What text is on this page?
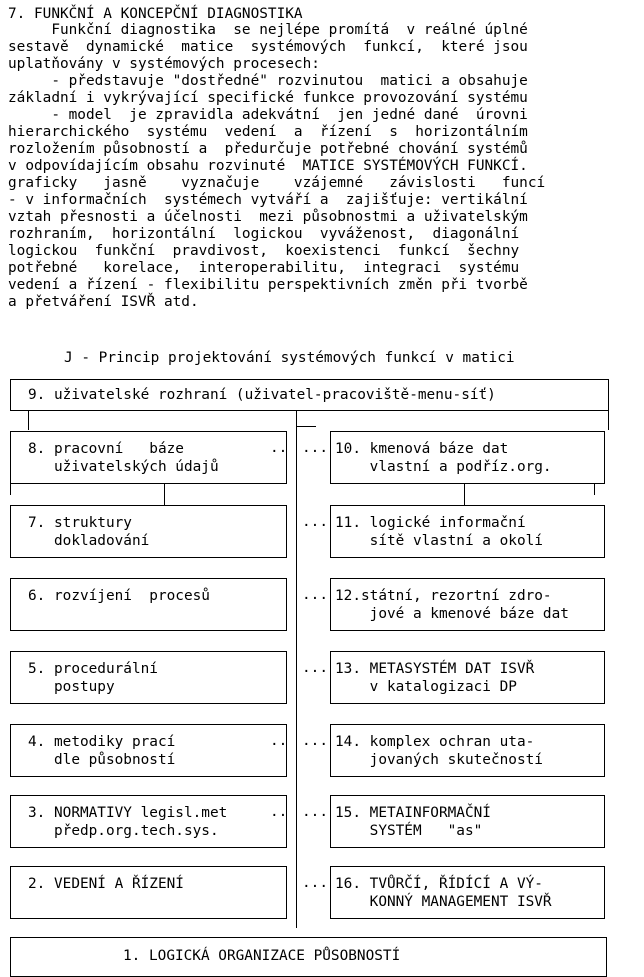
7. FUNKČNÍ A KONCEPČNÍ DIAGNOSTIKA
Funkční diagnostika  se nejlépe promítá  v reálné úplné
sestavě  dynamické  matice  systémových  funkcí,  které jsou
uplatňovány v systémových procesech:
- představuje "dostředné" rozvinutou  matici a obsahuje
základní i vykrývající specifické funkce provozování systému
- model  je zpravidla adekvátní  jen jedné dané  úrovni
hierarchického  systému  vedení  a  řízení  s  horizontálním
rozložením působností a  předurčuje potřebné chování systémů
v odpovídajícím obsahu rozvinuté  MATICE SYSTÉMOVÝCH FUNKCÍ.
graficky   jasně    vyznačuje    vzájemné   závislosti   funcí
- v informačních  systémech vytváří a  zajišťuje: vertikální
vztah přesnosti a účelnosti  mezi působnostmi a uživatelským
rozhraním,  horizontální  logickou  vyváženost,  diagonální
logickou  funkční  pravdivost,  koexistenci  funkcí  šechny
potřebné   korelace,  interoperabilitu,  integraci  systému
vedení a řízení - flexibilitu perspektivních změn při tvorbě
a přetváření ISVŘ atd.
J - Princip projektování systémových funkcí v matici
9. uživatelské rozhraní (uživatel-pracoviště-menu-síť)
8. pracovní   báze
uživatelských údajů
7. struktury
dokladování
6. rozvíjení  procesů
5. procedurální
postupy
4. metodiky prací
dle působností
3. NORMATIVY legisl.met
předp.org.tech.sys.
2. VEDENÍ A ŘÍZENÍ
10. kmenová báze dat
vlastní a podříz.org.
11. logické informační
sítě vlastní a okolí
12.státní, rezortní zdro-
jové a kmenové báze dat
13. METASYSTÉM DAT ISVŘ
v katalogizaci DP
14. komplex ochran uta-
jovaných skutečností
15. METAINFORMAČNÍ
SYSTÉM   "as"
16. TVŮRČÍ, ŘÍDÍCÍ A VÝ-
KONNÝ MANAGEMENT ISVŘ
..
..
..
...
...
...
...
...
...
...
1. LOGICKÁ ORGANIZACE PŮSOBNOSTÍ
